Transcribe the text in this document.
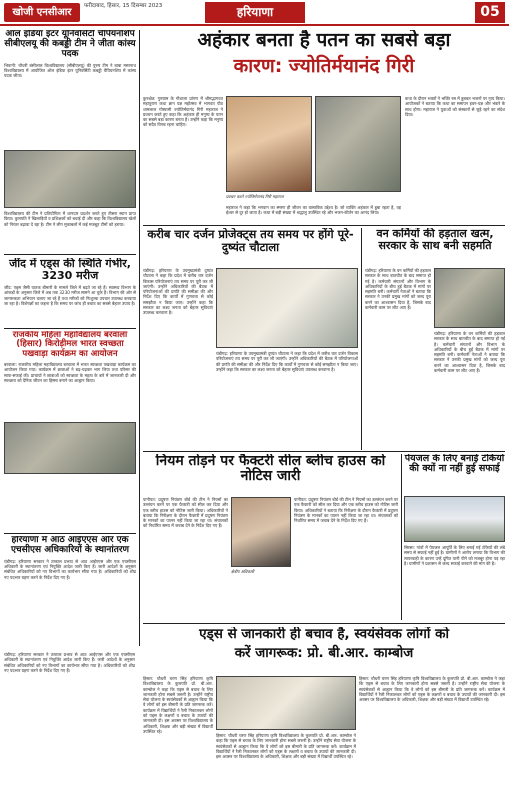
खोजी एनसीआर
फरीदाबाद, हिसार, 15 दिसम्बर 2023	हरियाणा	05
ऑल इंडिया इंटर यूनिवर्सिटी चैंपियनशिप सीबीएलयू की कबड्डी टीम ने जीता कांस्य पदक
भिवानी: चौधरी बंसीलाल विश्वविद्यालय (सीबीएलयू) की पुरुष टीम ने बाबा मस्तनाथ विश्वविद्यालय में आयोजित ऑल इंडिया इंटर यूनिवर्सिटी कबड्डी चैंपियनशिप में कांस्य पदक जीता।
विश्वविद्यालय की टीम ने प्रतियोगिता में शानदार प्रदर्शन करते हुए तीसरा स्थान प्राप्त किया। कुलपति ने खिलाड़ियों व प्रशिक्षकों को बधाई दी और कहा कि विश्वविद्यालय खेलों को निरंतर बढ़ावा दे रहा है। टीम ने लीग मुकाबलों में कई मजबूत टीमों को हराया।
जींद में एड्स की स्थिति गंभीर, 3230 मरीज
जींद: एड्स जैसी घातक बीमारी के मामले जिले में बढ़ते जा रहे हैं। स्वास्थ्य विभाग के आंकड़ों के अनुसार जिले में अब तक 3230 मरीज सामने आ चुके हैं। विभाग की ओर से जागरूकता अभियान चलाए जा रहे हैं तथा मरीजों को निःशुल्क उपचार उपलब्ध करवाया जा रहा है। विशेषज्ञों का कहना है कि समय पर जांच ही बचाव का सबसे बेहतर उपाय है।
राजकीय महिला महाविद्यालय बरवाला (हिसार) किरोड़ीमल भारत स्वच्छता पखवाड़ा कार्यक्रम का आयोजन
बरवाला: राजकीय महिला महाविद्यालय बरवाला में भारत स्वच्छता पखवाड़ा कार्यक्रम का आयोजन किया गया। कार्यक्रम में छात्राओं ने बढ़-चढ़कर भाग लिया तथा परिसर की साफ-सफाई की। प्राचार्या ने छात्राओं को स्वच्छता के महत्व के बारे में जानकारी दी और स्वच्छता को दैनिक जीवन का हिस्सा बनाने का आह्वान किया।
हरियाणा में आठ आईएएस और एक एचसीएस अधिकारियों के स्थानांतरण
चंडीगढ़: हरियाणा सरकार ने तत्काल प्रभाव से आठ आईएएस और एक एचसीएस अधिकारी के स्थानांतरण एवं नियुक्ति आदेश जारी किए हैं। जारी आदेशों के अनुसार संबंधित अधिकारियों को नए विभागों का कार्यभार सौंपा गया है। अधिकारियों को शीघ्र नए पदभार ग्रहण करने के निर्देश दिए गए हैं।
अहंकार बनता है पतन का सबसे बड़ा
कारण: ज्योतिर्मयानंद गिरी
कुरुक्षेत्र: गुरुग्राम के गौशाला प्रांगण में श्रीमद्भागवत महापुराण कथा ज्ञान यज्ञ महोत्सव में भागवत पीठ शामलाल गोस्वामी ज्योतिर्मयानंद गिरी महाराज ने प्रवचन करते हुए कहा कि अहंकार ही मनुष्य के पतन का सबसे बड़ा कारण बनता है। उन्होंने कहा कि मनुष्य को सदैव विनम्र रहना चाहिए।
प्रवचन करते ज्योतिर्मयानंद गिरी महाराज
महाराज ने कहा कि भगवान का स्मरण ही जीवन का वास्तविक उद्देश्य है। जो व्यक्ति अहंकार में डूबा रहता है, वह ईश्वर से दूर हो जाता है। कथा में बड़ी संख्या में श्रद्धालु उपस्थित रहे और भजन-कीर्तन का आनंद लिया।
कथा के दौरान भक्तों ने भक्ति रस में डूबकर भजनों पर नृत्य किया। आयोजकों ने बताया कि कथा का समापन हवन-यज्ञ और भंडारे के साथ होगा। महाराज ने युवाओं को संस्कारों से जुड़े रहने का संदेश दिया।
करीब चार दर्जन प्रोजेक्ट्स तय समय पर होंगे पूरे-दुष्यंत चौटाला
चंडीगढ़: हरियाणा के उपमुख्यमंत्री दुष्यंत चौटाला ने कहा कि प्रदेश में करीब चार दर्जन विकास परियोजनाएं तय समय पर पूरी कर ली जाएंगी। उन्होंने अधिकारियों की बैठक में परियोजनाओं की प्रगति की समीक्षा की और निर्देश दिए कि कार्यों में गुणवत्ता से कोई समझौता न किया जाए। उन्होंने कहा कि सरकार का लक्ष्य जनता को बेहतर सुविधाएं उपलब्ध करवाना है।
चंडीगढ़: हरियाणा के उपमुख्यमंत्री दुष्यंत चौटाला ने कहा कि प्रदेश में करीब चार दर्जन विकास परियोजनाएं तय समय पर पूरी कर ली जाएंगी। उन्होंने अधिकारियों की बैठक में परियोजनाओं की प्रगति की समीक्षा की और निर्देश दिए कि कार्यों में गुणवत्ता से कोई समझौता न किया जाए। उन्होंने कहा कि सरकार का लक्ष्य जनता को बेहतर सुविधाएं उपलब्ध करवाना है।
वन कर्मियों की हड़ताल खत्म, सरकार के साथ बनी सहमति
चंडीगढ़: हरियाणा के वन कर्मियों की हड़ताल सरकार के साथ बातचीत के बाद समाप्त हो गई है। कर्मचारी संगठनों और विभाग के अधिकारियों के बीच हुई बैठक में मांगों पर सहमति बनी। कर्मचारी नेताओं ने बताया कि सरकार ने उनकी प्रमुख मांगों को जल्द पूरा करने का आश्वासन दिया है, जिसके बाद कर्मचारी काम पर लौट आए हैं।
चंडीगढ़: हरियाणा के वन कर्मियों की हड़ताल सरकार के साथ बातचीत के बाद समाप्त हो गई है। कर्मचारी संगठनों और विभाग के अधिकारियों के बीच हुई बैठक में मांगों पर सहमति बनी। कर्मचारी नेताओं ने बताया कि सरकार ने उनकी प्रमुख मांगों को जल्द पूरा करने का आश्वासन दिया है, जिसके बाद कर्मचारी काम पर लौट आए हैं।
नियम तोड़ने पर फैक्टरी सील ब्लीच हाउस को नोटिस जारी
पानीपत: प्रदूषण नियंत्रण बोर्ड की टीम ने नियमों का उल्लंघन करने पर एक फैक्टरी को सील कर दिया और एक ब्लीच हाउस को नोटिस जारी किया। अधिकारियों ने बताया कि निरीक्षण के दौरान फैक्टरी में प्रदूषण नियंत्रण के मानकों का पालन नहीं किया जा रहा था। संचालकों को निर्धारित समय में जवाब देने के निर्देश दिए गए हैं।
क्षेत्रीय अधिकारी
पानीपत: प्रदूषण नियंत्रण बोर्ड की टीम ने नियमों का उल्लंघन करने पर एक फैक्टरी को सील कर दिया और एक ब्लीच हाउस को नोटिस जारी किया। अधिकारियों ने बताया कि निरीक्षण के दौरान फैक्टरी में प्रदूषण नियंत्रण के मानकों का पालन नहीं किया जा रहा था। संचालकों को निर्धारित समय में जवाब देने के निर्देश दिए गए हैं।
पेयजल के लिए बनाई टंकियों की क्यों ना नहीं हुई सफाई
सिरसा: गांवों में पेयजल आपूर्ति के लिए बनाई गई टंकियों की लंबे समय से सफाई नहीं हुई है। ग्रामीणों ने आरोप लगाया कि विभाग की लापरवाही के कारण उन्हें दूषित पानी पीने को मजबूर होना पड़ रहा है। ग्रामीणों ने प्रशासन से जल्द सफाई करवाने की मांग की है।
एड्स से जानकारी ही बचाव है, स्वयंसेवक लोगों को
करें जागरूक: प्रो. बी.आर. काम्बोज
हिसार: चौधरी चरण सिंह हरियाणा कृषि विश्वविद्यालय के कुलपति प्रो. बी.आर. काम्बोज ने कहा कि एड्स से बचाव के लिए जानकारी होना सबसे जरूरी है। उन्होंने राष्ट्रीय सेवा योजना के स्वयंसेवकों से आह्वान किया कि वे लोगों को इस बीमारी के प्रति जागरूक करें। कार्यक्रम में विद्यार्थियों ने रैली निकालकर लोगों को एड्स के लक्षणों व बचाव के उपायों की जानकारी दी। इस अवसर पर विश्वविद्यालय के अधिकारी, शिक्षक और बड़ी संख्या में विद्यार्थी उपस्थित रहे।
हिसार: चौधरी चरण सिंह हरियाणा कृषि विश्वविद्यालय के कुलपति प्रो. बी.आर. काम्बोज ने कहा कि एड्स से बचाव के लिए जानकारी होना सबसे जरूरी है। उन्होंने राष्ट्रीय सेवा योजना के स्वयंसेवकों से आह्वान किया कि वे लोगों को इस बीमारी के प्रति जागरूक करें। कार्यक्रम में विद्यार्थियों ने रैली निकालकर लोगों को एड्स के लक्षणों व बचाव के उपायों की जानकारी दी। इस अवसर पर विश्वविद्यालय के अधिकारी, शिक्षक और बड़ी संख्या में विद्यार्थी उपस्थित रहे।
हिसार: चौधरी चरण सिंह हरियाणा कृषि विश्वविद्यालय के कुलपति प्रो. बी.आर. काम्बोज ने कहा कि एड्स से बचाव के लिए जानकारी होना सबसे जरूरी है। उन्होंने राष्ट्रीय सेवा योजना के स्वयंसेवकों से आह्वान किया कि वे लोगों को इस बीमारी के प्रति जागरूक करें। कार्यक्रम में विद्यार्थियों ने रैली निकालकर लोगों को एड्स के लक्षणों व बचाव के उपायों की जानकारी दी। इस अवसर पर विश्वविद्यालय के अधिकारी, शिक्षक और बड़ी संख्या में विद्यार्थी उपस्थित रहे।
चंडीगढ़: हरियाणा सरकार ने तत्काल प्रभाव से आठ आईएएस और एक एचसीएस अधिकारी के स्थानांतरण एवं नियुक्ति आदेश जारी किए हैं। जारी आदेशों के अनुसार संबंधित अधिकारियों को नए विभागों का कार्यभार सौंपा गया है। अधिकारियों को शीघ्र नए पदभार ग्रहण करने के निर्देश दिए गए हैं।
